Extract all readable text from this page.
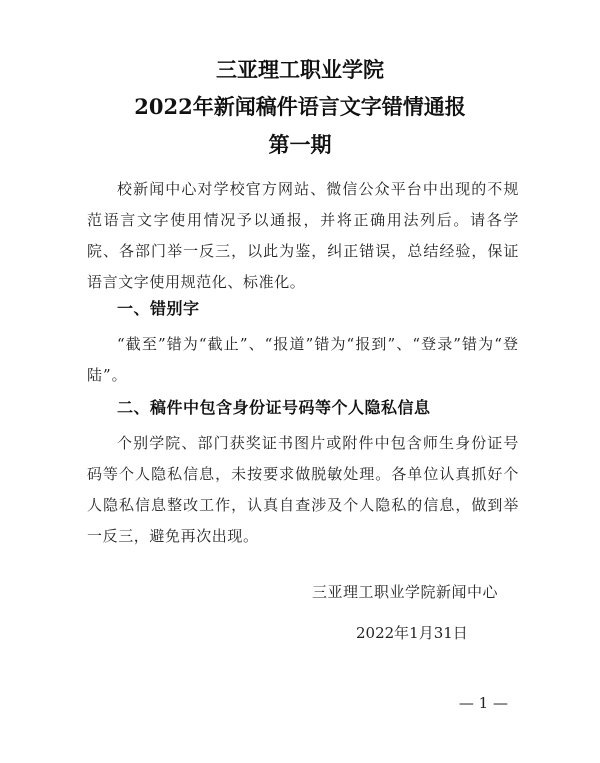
三亚理工职业学院
2022年新闻稿件语言文字错情通报
第一期
校新闻中心对学校官方网站、微信公众平台中出现的不规范语言文字使用情况予以通报，并将正确用法列后。请各学院、各部门举一反三，以此为鉴，纠正错误，总结经验，保证语言文字使用规范化、标准化。
一、错别字
“截至”错为“截止”、“报道”错为“报到”、“登录”错为“登陆”。
二、稿件中包含身份证号码等个人隐私信息
个别学院、部门获奖证书图片或附件中包含师生身份证号码等个人隐私信息，未按要求做脱敏处理。各单位认真抓好个人隐私信息整改工作，认真自查涉及个人隐私的信息，做到举一反三，避免再次出现。
三亚理工职业学院新闻中心
2022年1月31日
— 1 —
